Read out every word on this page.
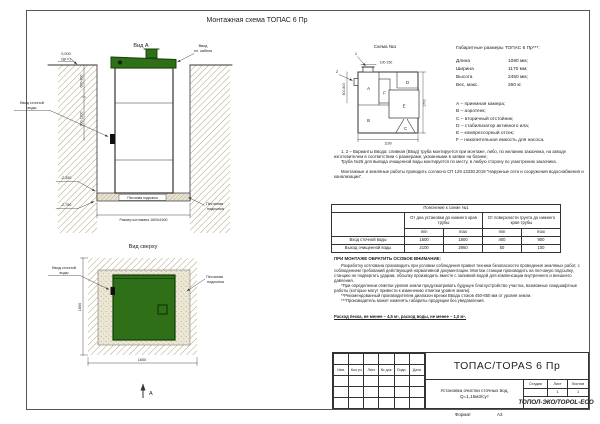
Монтажная схема ТОПАС 6 Пр
Вид А
Песчаная подсыпка
0,000
(ур.з.)
Ввод
эл. кабеля
600-800
900-1200
Ввод сточной
воды
-2,300
-2,750
Размер котлована 1600х1600
Песчаная
подсыпка
Вид сверху
Ввод сточной
воды
Песчаная
подсыпка
1600
1600
А
Схема №1
A
B
C
D
E
F
1
2
100-150
600-800
1700
1100
Габаритные размеры ТОПАС 6 Пр***:
Длина	1080 мм;
Ширина	1170 мм;
Высота	2450 мм;
Вес, макс.	260 кг.
А – приемная камера;
В – аэротенк;
С – вторичный отстойник;
D – стабилизатор активного ила;
Е – компрессорный отсек;
F – накопительная емкость для насоса.

1, 2 – Варианты Ввода: сливная (Ввод) труба монтируется при монтаже, либо, по желанию заказчика, на заводе изготовителем в соответствии с размерами, указанными в заявке на бланке;

Труба №25 для вывода очищенной воды монтируется по месту, в любую сторону по усмотрению заказчика.

Монтажные и земляные работы проводить согласно СП 129.13330.2019 "Наружные сети и сооружения водоснабжения и канализации".

Пояснение к схеме №1				
	От дна установки до нижнего края трубы		От поверхности грунта до нижнего края трубы	
	min	max	min	max
Вход сточной воды	1500	1800	400	900
Выход очищенной воды	2100	2950	50	100
ПРИ МОНТАЖЕ ОБРАТИТЬ ОСОБОЕ ВНИМАНИЕ:

Разработку котлована производить при условии соблюдения правил техники безопасности проведения земляных работ, с соблюдением требований действующей нормативной документации. Монтаж станции производить на песчаную подсыпку, станцию не подвергать ударам, обсыпку производить вместе с заливкой водой для компенсации внутреннего и внешнего давления.

*При определении отметки уровня земли предусматривать будущее благоустройство участка, возможные ландшафтные работы (которые могут привести к изменению отметки уровня земли).

**Рекомендованный производителем диапазон врезки Ввода стоков 450-650 мм от уровня земли.

***Производитель может изменять габариты продукции без уведомления.

Расход песка, не менее – 4,5 м³, расход воды, не менее – 1,0 м³.

Изм.	Кол.уч	Лист	№ док.	Подп.	Дата

						ТОПАС/TOPAS 6 Пр
Установка очистки сточных вод,
Q=1,15м3/сут
Стадия	Лист	Листов
1	1
ТОПОЛ-ЭКО/TOPOL-ECO
Формат	А3
